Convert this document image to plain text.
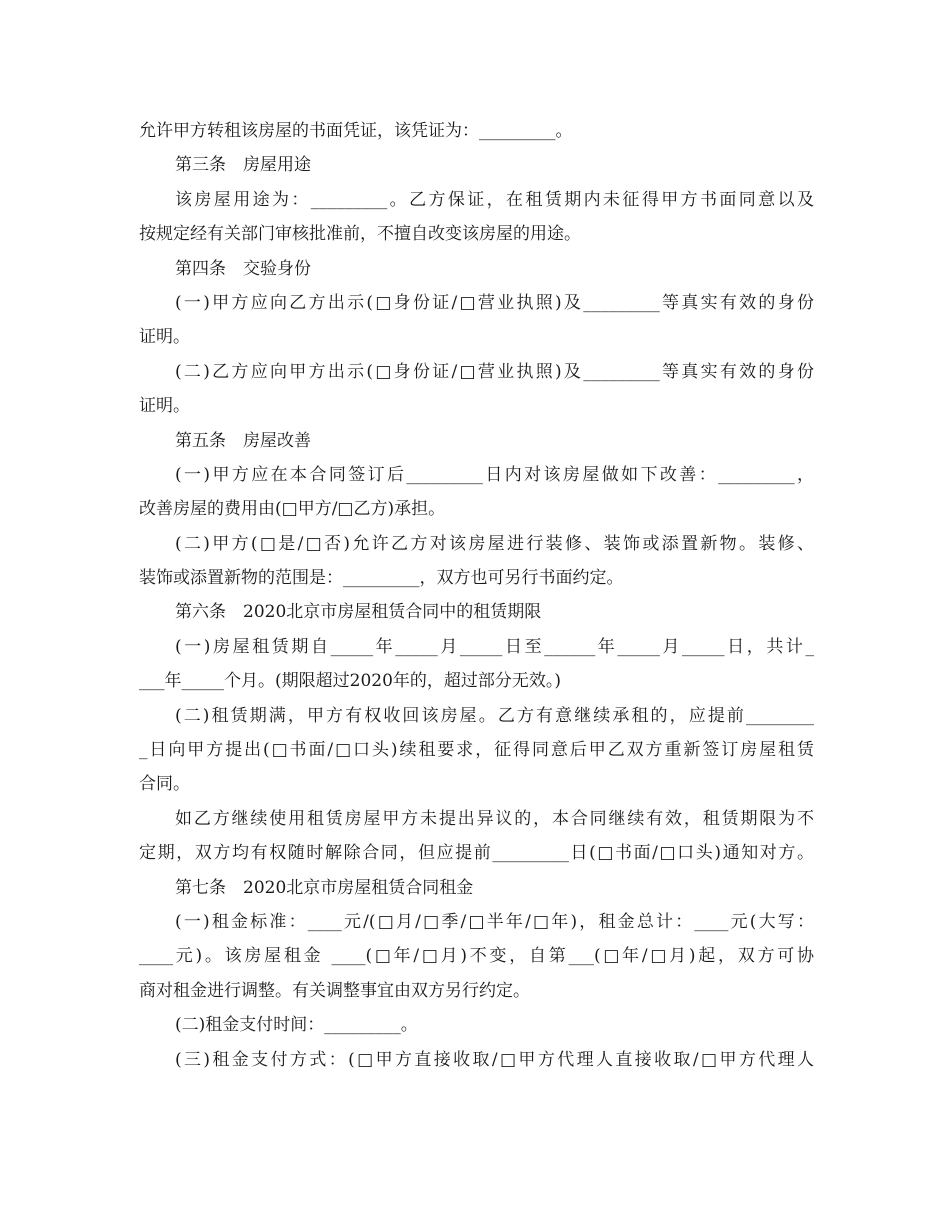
允许甲方转租该房屋的书面凭证，该凭证为：_________。
第三条　房屋用途
该房屋用途为：_________。乙方保证，在租赁期内未征得甲方书面同意以及
按规定经有关部门审核批准前，不擅自改变该房屋的用途。
第四条　交验身份
(一)甲方应向乙方出示(□身份证/□营业执照)及_________等真实有效的身份
证明。
(二)乙方应向甲方出示(□身份证/□营业执照)及_________等真实有效的身份
证明。
第五条　房屋改善
(一)甲方应在本合同签订后_________日内对该房屋做如下改善：_________，
改善房屋的费用由(□甲方/□乙方)承担。
(二)甲方(□是/□否)允许乙方对该房屋进行装修、装饰或添置新物。装修、
装饰或添置新物的范围是：_________，双方也可另行书面约定。
第六条　2020北京市房屋租赁合同中的租赁期限
(一)房屋租赁期自_____年_____月_____日至______年_____月_____日，共计_
___年_____个月。(期限超过2020年的，超过部分无效。)
(二)租赁期满，甲方有权收回该房屋。乙方有意继续承租的，应提前________
_日向甲方提出(□书面/□口头)续租要求，征得同意后甲乙双方重新签订房屋租赁
合同。
如乙方继续使用租赁房屋甲方未提出异议的，本合同继续有效，租赁期限为不
定期，双方均有权随时解除合同，但应提前_________日(□书面/□口头)通知对方。
第七条　2020北京市房屋租赁合同租金
(一)租金标准：____元/(□月/□季/□半年/□年)，租金总计：____元(大写：
____元)。该房屋租金 ____(□年/□月)不变，自第___(□年/□月)起，双方可协
商对租金进行调整。有关调整事宜由双方另行约定。
(二)租金支付时间：_________。
(三)租金支付方式：(□甲方直接收取/□甲方代理人直接收取/□甲方代理人
